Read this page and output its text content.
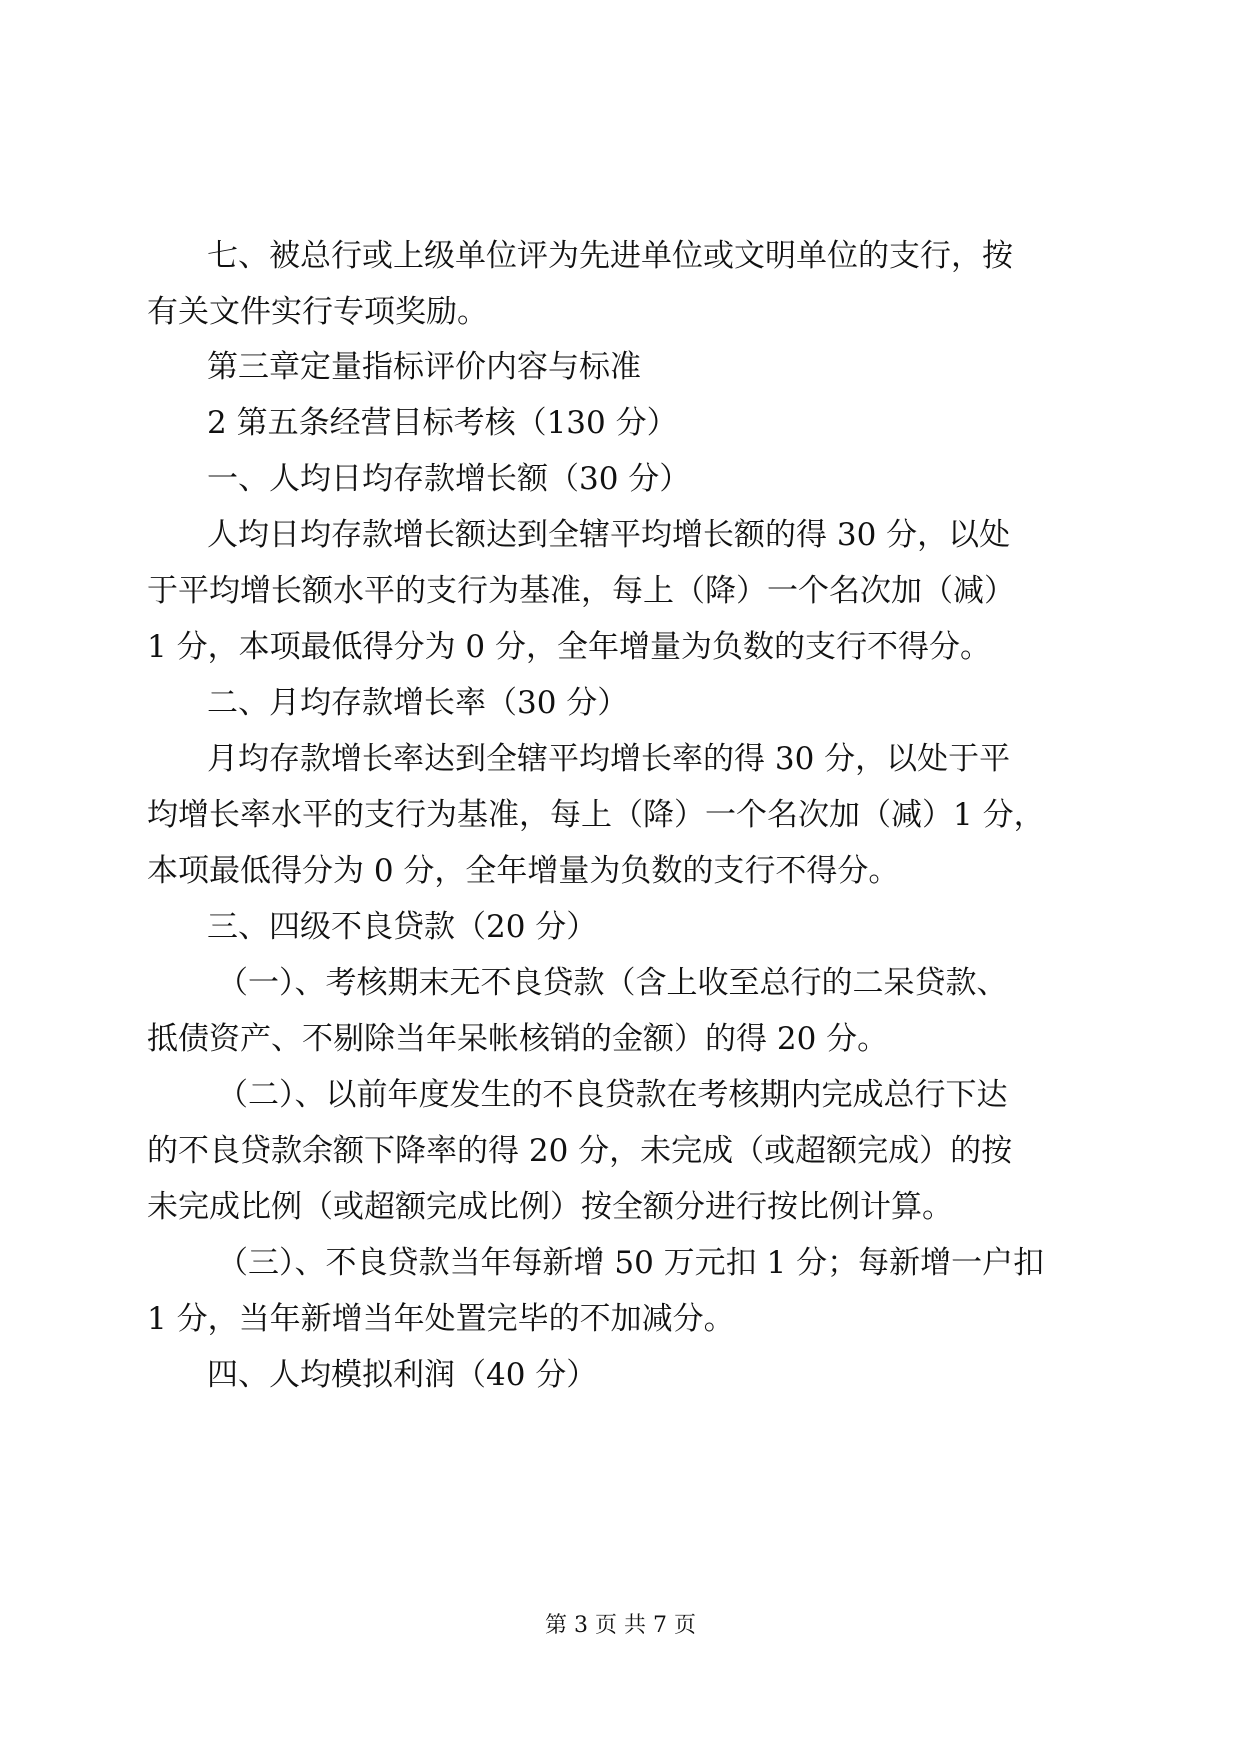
七、被总行或上级单位评为先进单位或文明单位的支行，按
有关文件实行专项奖励。
第三章定量指标评价内容与标准
2 第五条经营目标考核（130 分）
一、人均日均存款增长额（30 分）
人均日均存款增长额达到全辖平均增长额的得 30 分，以处
于平均增长额水平的支行为基准，每上（降）一个名次加（减）
1 分，本项最低得分为 0 分，全年增量为负数的支行不得分。
二、月均存款增长率（30 分）
月均存款增长率达到全辖平均增长率的得 30 分，以处于平
均增长率水平的支行为基准，每上（降）一个名次加（减）1 分，
本项最低得分为 0 分，全年增量为负数的支行不得分。
三、四级不良贷款（20 分）
（一）、考核期末无不良贷款（含上收至总行的二呆贷款、
抵债资产、不剔除当年呆帐核销的金额）的得 20 分。
（二）、以前年度发生的不良贷款在考核期内完成总行下达
的不良贷款余额下降率的得 20 分，未完成（或超额完成）的按
未完成比例（或超额完成比例）按全额分进行按比例计算。
（三）、不良贷款当年每新增 50 万元扣 1 分；每新增一户扣
1 分，当年新增当年处置完毕的不加减分。
四、人均模拟利润（40 分）
第 3 页 共 7 页
